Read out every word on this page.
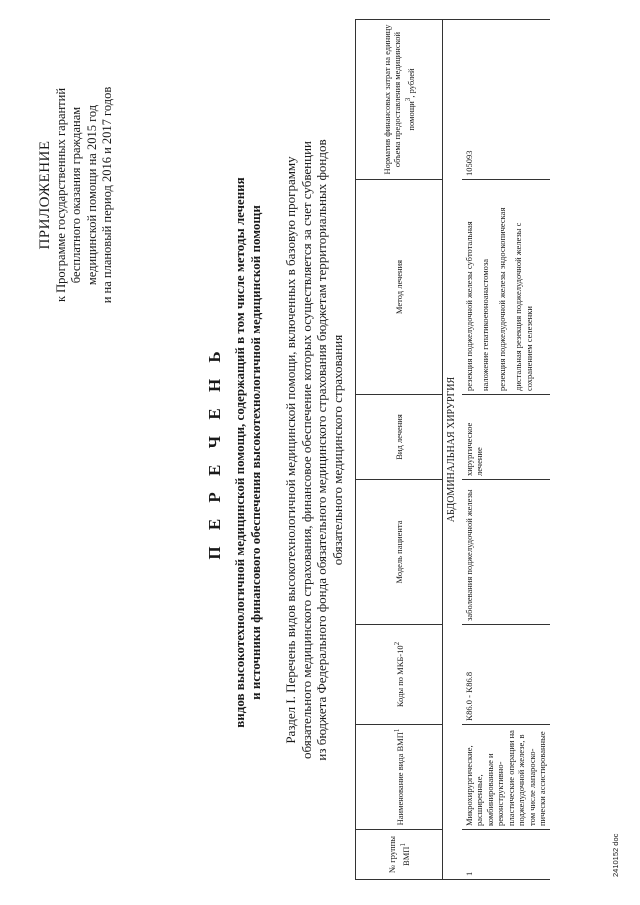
ПРИЛОЖЕНИЕ к Программе государственных гарантий бесплатного оказания гражданам медицинской помощи на 2015 год и на плановый период 2016 и 2017 годов
П Е Р Е Ч Е Н Ь видов высокотехнологичной медицинской помощи, содержащий в том числе методы лечения и источники финансового обеспечения высокотехнологичной медицинской помощи Раздел I. Перечень видов высокотехнологичной медицинской помощи, включенных в базовую программу обязательного медицинского страхования, финансовое обеспечение которых осуществляется за счет субвенции из бюджета Федерального фонда обязательного медицинского страхования бюджетам территориальных фондов обязательного медицинского страхования
№ группы ВМП$^1$	Наименование вида ВМП$^1$	Коды по МКБ-$10^2$	Модель пациента	Вид лечения	Метод лечения	Норматив финансовых затрат на единицу объема предоставления медицинской помощи$^3$, рублей
АБДОМИНАЛЬНАЯ ХИРУРГИЯ						
1	Микрохирургические, расширенные, комбинированные и реконструктивно-пластические операции на поджелудочной железе, в том числе лапароско-пически ассистированные	K86.0 - K86.8	заболевания поджелудочной железы	хирургическое лечение	резекция поджелудочной железы субтотальная наложение гепатикоеюноанастомоза резекция поджелудочной железы эндоскопическая дистальная резекция поджелудочной железы с сохранением селезенки	105093
2410152 doc
